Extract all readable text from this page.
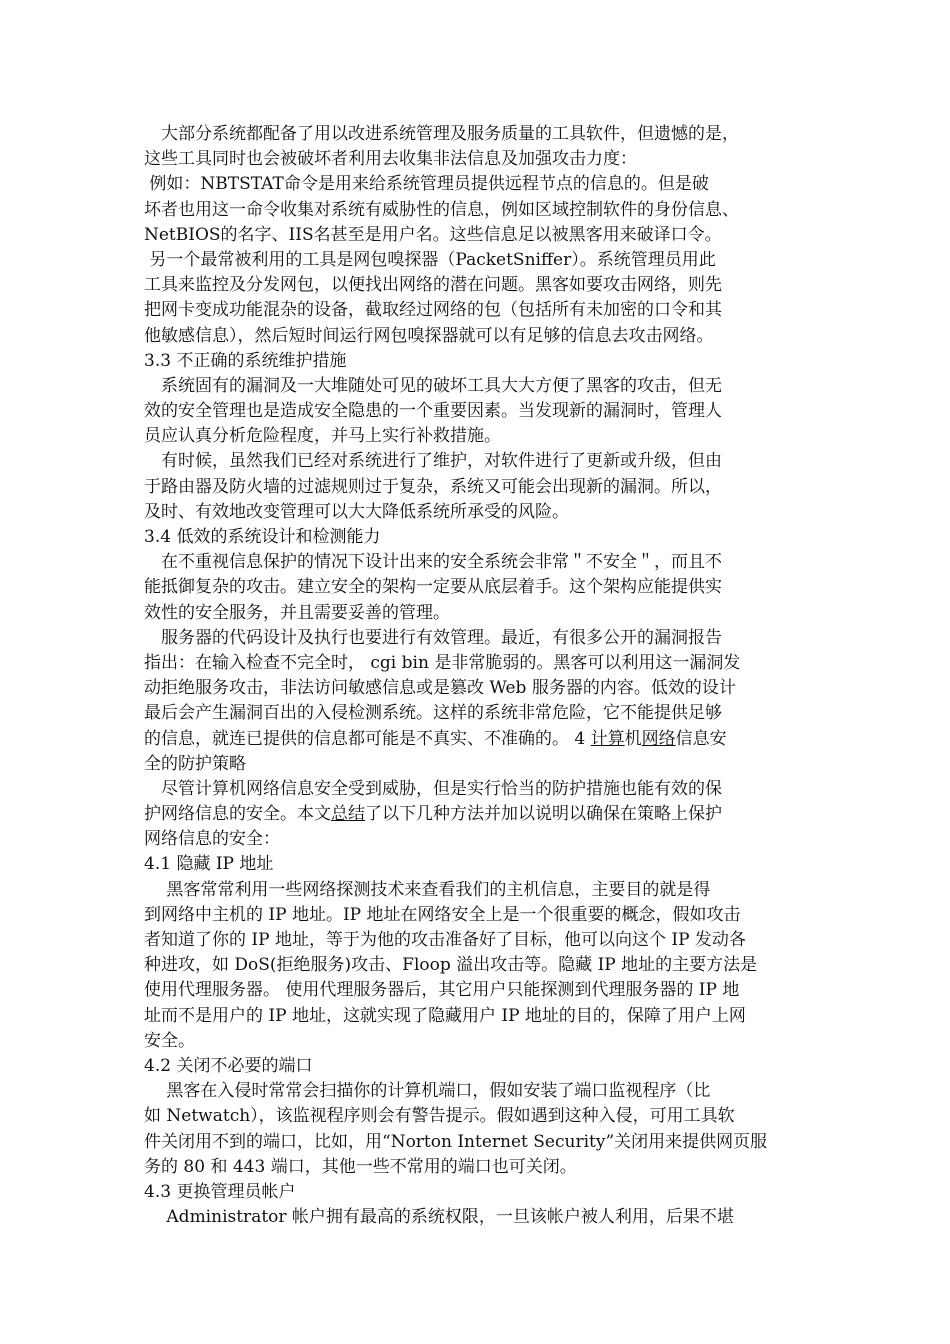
　大部分系统都配备了用以改进系统管理及服务质量的工具软件，但遗憾的是，
这些工具同时也会被破坏者利用去收集非法信息及加强攻击力度：
例如：NBTSTAT命令是用来给系统管理员提供远程节点的信息的。但是破
坏者也用这一命令收集对系统有威胁性的信息，例如区域控制软件的身份信息、
NetBIOS的名字、IIS名甚至是用户名。这些信息足以被黑客用来破译口令。
另一个最常被利用的工具是网包嗅探器（PacketSniffer）。系统管理员用此
工具来监控及分发网包，以便找出网络的潜在问题。黑客如要攻击网络，则先
把网卡变成功能混杂的设备，截取经过网络的包（包括所有未加密的口令和其
他敏感信息），然后短时间运行网包嗅探器就可以有足够的信息去攻击网络。
3.3 不正确的系统维护措施
　系统固有的漏洞及一大堆随处可见的破坏工具大大方便了黑客的攻击，但无
效的安全管理也是造成安全隐患的一个重要因素。当发现新的漏洞时，管理人
员应认真分析危险程度，并马上实行补救措施。
　有时候，虽然我们已经对系统进行了维护，对软件进行了更新或升级，但由
于路由器及防火墙的过滤规则过于复杂，系统又可能会出现新的漏洞。所以，
及时、有效地改变管理可以大大降低系统所承受的风险。
3.4 低效的系统设计和检测能力
　在不重视信息保护的情况下设计出来的安全系统会非常＂不安全＂，而且不
能抵御复杂的攻击。建立安全的架构一定要从底层着手。这个架构应能提供实
效性的安全服务，并且需要妥善的管理。
　服务器的代码设计及执行也要进行有效管理。最近，有很多公开的漏洞报告
指出：在输入检查不完全时， cgi bin 是非常脆弱的。黑客可以利用这一漏洞发
动拒绝服务攻击，非法访问敏感信息或是篡改 Web 服务器的内容。低效的设计
最后会产生漏洞百出的入侵检测系统。这样的系统非常危险，它不能提供足够
的信息，就连已提供的信息都可能是不真实、不准确的。 4 计算机网络信息安
全的防护策略
　尽管计算机网络信息安全受到威胁，但是实行恰当的防护措施也能有效的保
护网络信息的安全。本文总结了以下几种方法并加以说明以确保在策略上保护
网络信息的安全：
4.1 隐藏 IP 地址
　 黑客常常利用一些网络探测技术来查看我们的主机信息，主要目的就是得
到网络中主机的 IP 地址。IP 地址在网络安全上是一个很重要的概念，假如攻击
者知道了你的 IP 地址，等于为他的攻击准备好了目标，他可以向这个 IP 发动各
种进攻，如 DoS(拒绝服务)攻击、Floop 溢出攻击等。隐藏 IP 地址的主要方法是
使用代理服务器。 使用代理服务器后，其它用户只能探测到代理服务器的 IP 地
址而不是用户的 IP 地址，这就实现了隐藏用户 IP 地址的目的，保障了用户上网
安全。
4.2 关闭不必要的端口
　 黑客在入侵时常常会扫描你的计算机端口，假如安装了端口监视程序（比
如 Netwatch），该监视程序则会有警告提示。假如遇到这种入侵，可用工具软
件关闭用不到的端口，比如，用“Norton Internet Security”关闭用来提供网页服
务的 80 和 443 端口，其他一些不常用的端口也可关闭。
4.3 更换管理员帐户
　 Administrator 帐户拥有最高的系统权限，一旦该帐户被人利用，后果不堪
